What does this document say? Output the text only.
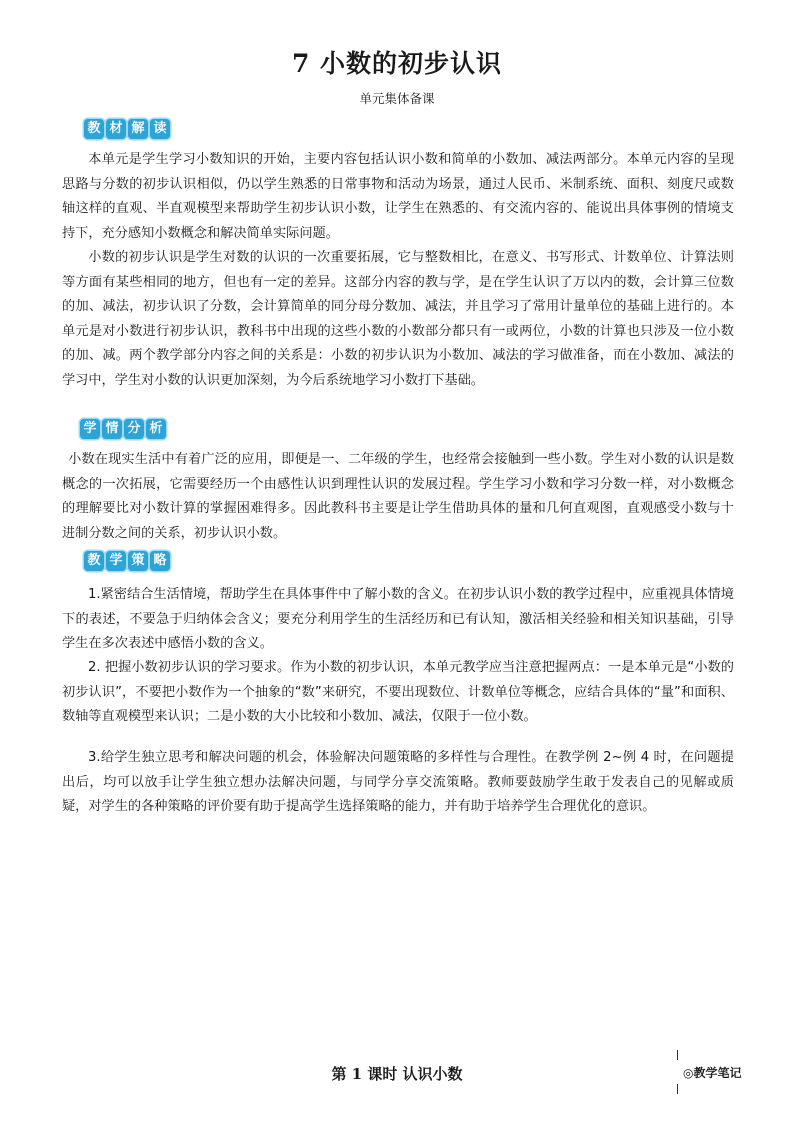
7 小数的初步认识
单元集体备课
教 材 解 读

本单元是学生学习小数知识的开始，主要内容包括认识小数和简单的小数加、减法两部分。本单元内容的呈现思路与分数的初步认识相似，仍以学生熟悉的日常事物和活动为场景，通过人民币、米制系统、面积、刻度尺或数轴这样的直观、半直观模型来帮助学生初步认识小数，让学生在熟悉的、有交流内容的、能说出具体事例的情境支持下，充分感知小数概念和解决简单实际问题。

小数的初步认识是学生对数的认识的一次重要拓展，它与整数相比，在意义、书写形式、计数单位、计算法则等方面有某些相同的地方，但也有一定的差异。这部分内容的教与学，是在学生认识了万以内的数，会计算三位数的加、减法，初步认识了分数，会计算简单的同分母分数加、减法，并且学习了常用计量单位的基础上进行的。本单元是对小数进行初步认识，教科书中出现的这些小数的小数部分都只有一或两位，小数的计算也只涉及一位小数的加、减。两个教学部分内容之间的关系是：小数的初步认识为小数加、减法的学习做准备，而在小数加、减法的学习中，学生对小数的认识更加深刻，为今后系统地学习小数打下基础。

学 情 分 析

小数在现实生活中有着广泛的应用，即便是一、二年级的学生，也经常会接触到一些小数。学生对小数的认识是数概念的一次拓展，它需要经历一个由感性认识到理性认识的发展过程。学生学习小数和学习分数一样，对小数概念的理解要比对小数计算的掌握困难得多。因此教科书主要是让学生借助具体的量和几何直观图，直观感受小数与十进制分数之间的关系，初步认识小数。

教 学 策 略

1.紧密结合生活情境，帮助学生在具体事件中了解小数的含义。在初步认识小数的教学过程中，应重视具体情境下的表述，不要急于归纳体会含义；要充分利用学生的生活经历和已有认知，激活相关经验和相关知识基础，引导学生在多次表述中感悟小数的含义。

2. 把握小数初步认识的学习要求。作为小数的初步认识，本单元教学应当注意把握两点：一是本单元是“小数的初步认识”，不要把小数作为一个抽象的“数”来研究，不要出现数位、计数单位等概念，应结合具体的“量”和面积、数轴等直观模型来认识；二是小数的大小比较和小数加、减法，仅限于一位小数。

3.给学生独立思考和解决问题的机会，体验解决问题策略的多样性与合理性。在教学例 2~例 4 时，在问题提出后，均可以放手让学生独立想办法解决问题，与同学分享交流策略。教师要鼓励学生敢于发表自己的见解或质疑，对学生的各种策略的评价要有助于提高学生选择策略的能力，并有助于培养学生合理优化的意识。

第 1 课时 认识小数	◎教学笔记
